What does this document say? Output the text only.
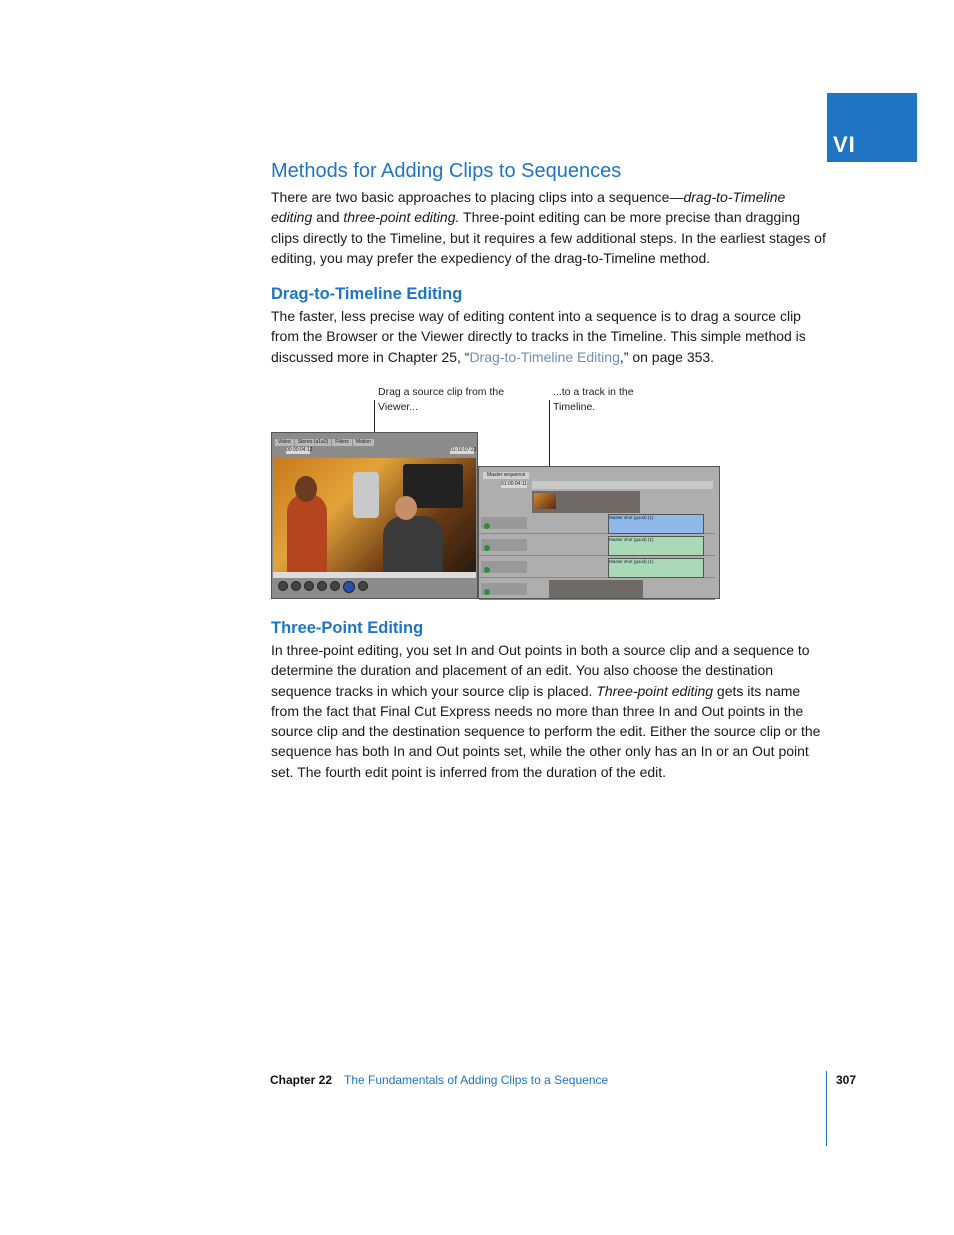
VI
Methods for Adding Clips to Sequences

There are two basic approaches to placing clips into a sequence—drag-to-Timeline editing and three-point editing. Three-point editing can be more precise than dragging clips directly to the Timeline, but it requires a few additional steps. In the earliest stages of editing, you may prefer the expediency of the drag-to-Timeline method.

Drag-to-Timeline Editing

The faster, less precise way of editing content into a sequence is to drag a source clip from the Browser or the Viewer directly to tracks in the Timeline. This simple method is discussed more in Chapter 25, “Drag-to-Timeline Editing,” on page 353.

Drag a source clip from the Viewer...
...to a track in the Timeline.
Video	Stereo (a1a2)	Filters	Motion
00:00:04:12	01:16:07:22
Master sequence
01:00:04:11
Master shot (good) (1)
Master shot (good) (1)
Master shot (good) (1)
Three-Point Editing

In three-point editing, you set In and Out points in both a source clip and a sequence to determine the duration and placement of an edit. You also choose the destination sequence tracks in which your source clip is placed. Three-point editing gets its name from the fact that Final Cut Express needs no more than three In and Out points in the source clip and the destination sequence to perform the edit. Either the source clip or the sequence has both In and Out points set, while the other only has an In or an Out point set. The fourth edit point is inferred from the duration of the edit.

Chapter 22 The Fundamentals of Adding Clips to a Sequence	307
